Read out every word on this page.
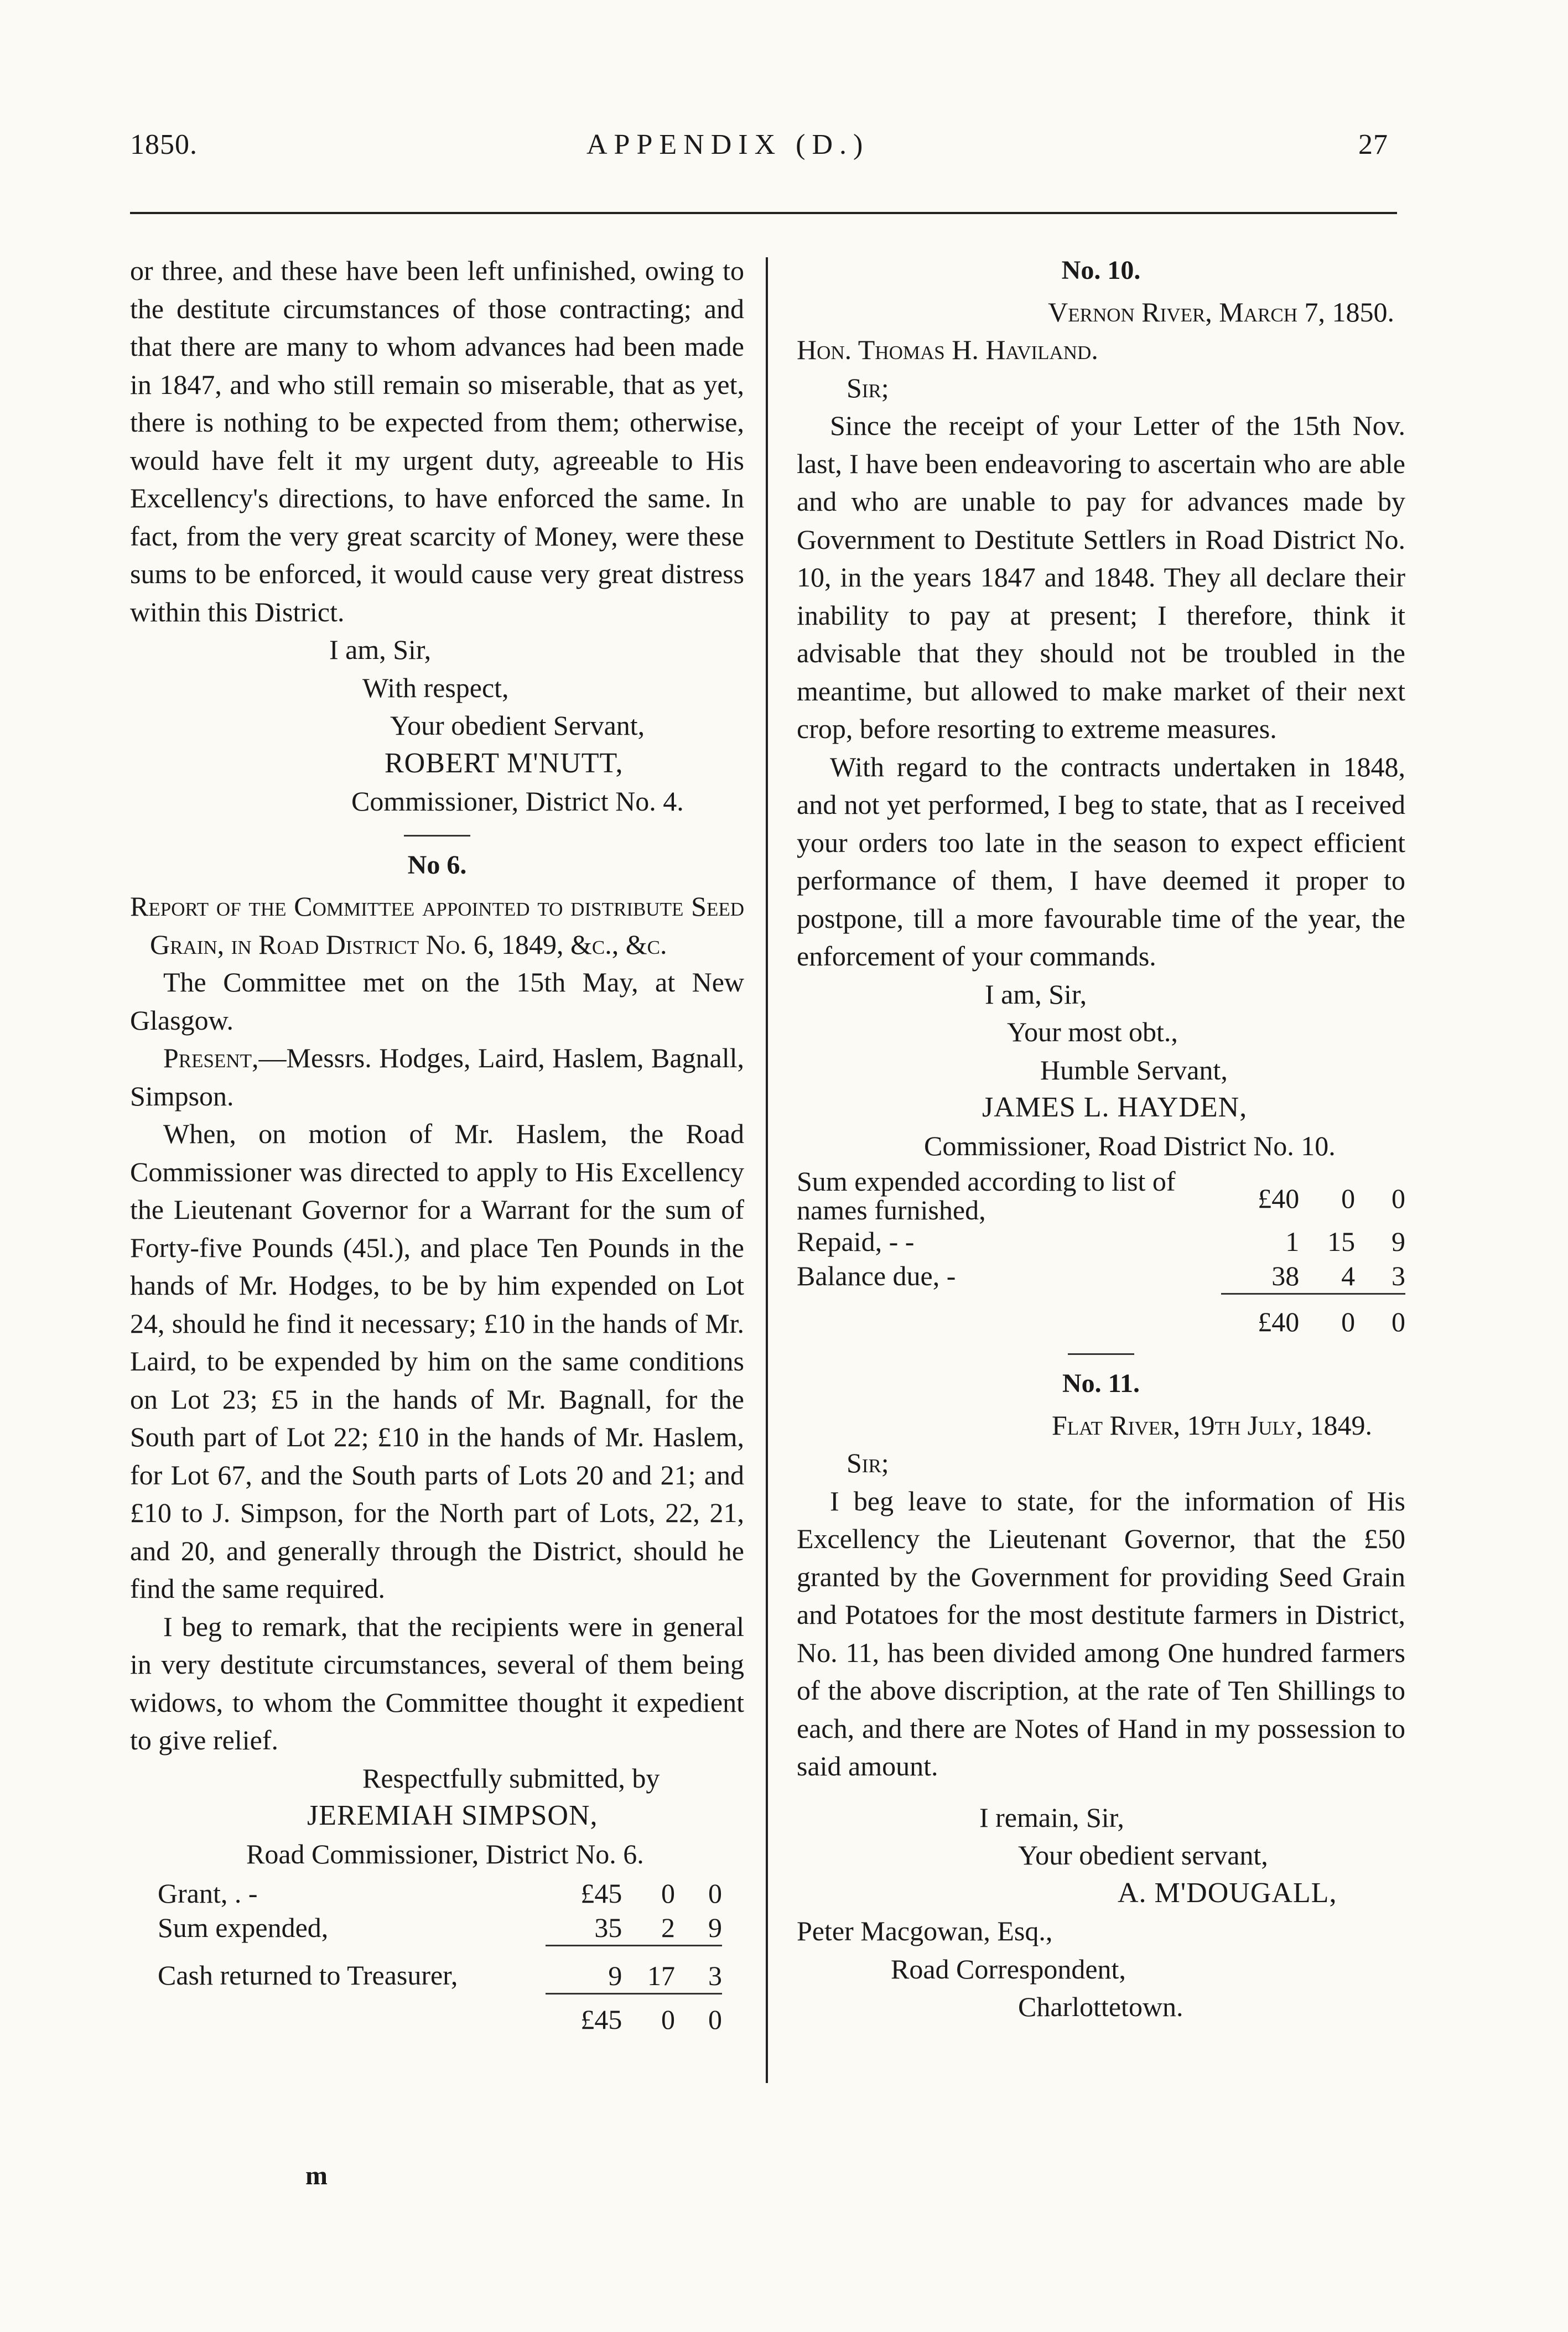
1850.	APPENDIX (D.)	27
or three, and these have been left unfinished, owing to the destitute circumstances of those contracting; and that there are many to whom advances had been made in 1847, and who still remain so miserable, that as yet, there is nothing to be expected from them; otherwise, would have felt it my urgent duty, agreeable to His Excellency's directions, to have enforced the same. In fact, from the very great scarcity of Money, were these sums to be enforced, it would cause very great distress within this District.
I am, Sir,
With respect,
Your obedient Servant,
ROBERT M'NUTT,
Commissioner, District No. 4.
No 6.
Report of the Committee appointed to distribute Seed Grain, in Road District No. 6, 1849, &c., &c.
The Committee met on the 15th May, at New Glasgow.
Present,—Messrs. Hodges, Laird, Haslem, Bagnall, Simpson.
When, on motion of Mr. Haslem, the Road Commissioner was directed to apply to His Excellency the Lieutenant Governor for a Warrant for the sum of Forty-five Pounds (45l.), and place Ten Pounds in the hands of Mr. Hodges, to be by him expended on Lot 24, should he find it necessary; £10 in the hands of Mr. Laird, to be expended by him on the same conditions on Lot 23; £5 in the hands of Mr. Bagnall, for the South part of Lot 22; £10 in the hands of Mr. Haslem, for Lot 67, and the South parts of Lots 20 and 21; and £10 to J. Simpson, for the North part of Lots, 22, 21, and 20, and generally through the District, should he find the same required.
I beg to remark, that the recipients were in general in very destitute circumstances, several of them being widows, to whom the Committee thought it expedient to give relief.
Respectfully submitted, by
JEREMIAH SIMPSON,
Road Commissioner, District No. 6.
Grant, . -	£45	0	0
Sum expended,	35	2	9
Cash returned to Treasurer,	9	17	3
	£45	0	0
m
No. 10.
Vernon River, March 7, 1850.
Hon. Thomas H. Haviland.
Sir;
Since the receipt of your Letter of the 15th Nov. last, I have been endeavoring to ascertain who are able and who are unable to pay for advances made by Government to Destitute Settlers in Road District No. 10, in the years 1847 and 1848. They all declare their inability to pay at present; I therefore, think it advisable that they should not be troubled in the meantime, but allowed to make market of their next crop, before resorting to extreme measures.
With regard to the contracts undertaken in 1848, and not yet performed, I beg to state, that as I received your orders too late in the season to expect efficient performance of them, I have deemed it proper to postpone, till a more favourable time of the year, the enforcement of your commands.
I am, Sir,
Your most obt.,
Humble Servant,
JAMES L. HAYDEN,
Commissioner, Road District No. 10.
Sum expended according to list of names furnished,	£40	0	0
Repaid, - -	1	15	9
Balance due, -	38	4	3
	£40	0	0
No. 11.
Flat River, 19th July, 1849.
Sir;
I beg leave to state, for the information of His Excellency the Lieutenant Governor, that the £50 granted by the Government for providing Seed Grain and Potatoes for the most destitute farmers in District, No. 11, has been divided among One hundred farmers of the above discription, at the rate of Ten Shillings to each, and there are Notes of Hand in my possession to said amount.
I remain, Sir,
Your obedient servant,
A. M'DOUGALL,
Peter Macgowan, Esq.,
Road Correspondent,
Charlottetown.
